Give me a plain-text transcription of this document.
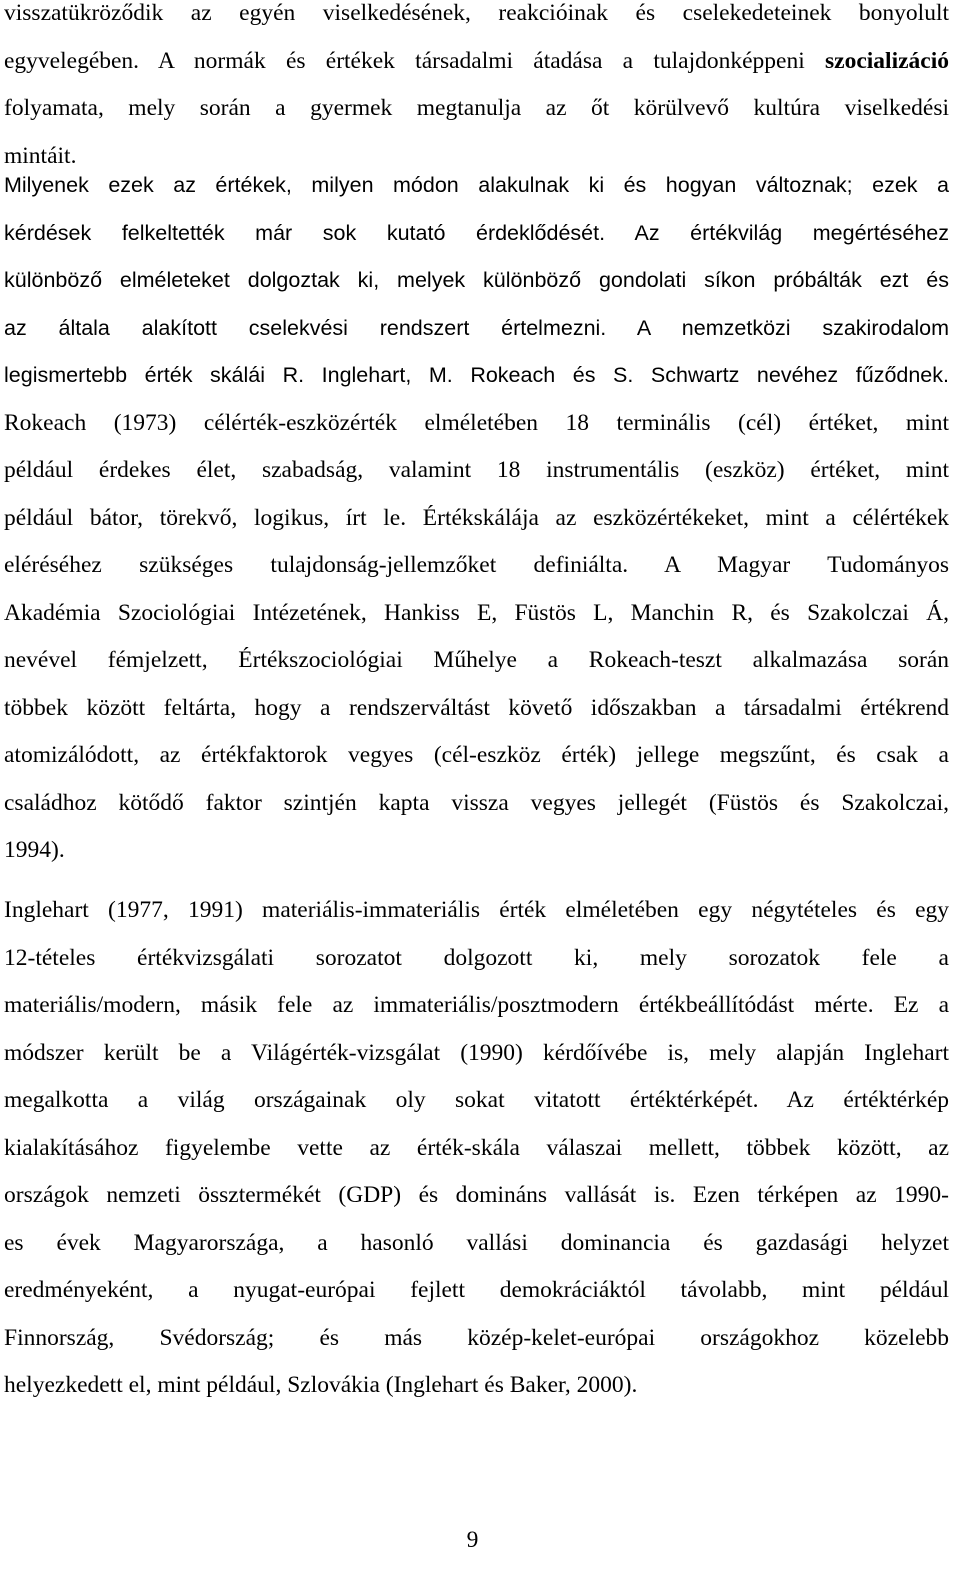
visszatükröződik az egyén viselkedésének, reakcióinak és cselekedeteinek bonyolult
egyvelegében. A normák és értékek társadalmi átadása a tulajdonképpeni szocializáció
folyamata, mely során a gyermek megtanulja az őt körülvevő kultúra viselkedési
mintáit.
Milyenek ezek az értékek, milyen módon alakulnak ki és hogyan változnak; ezek a
kérdések felkeltették már sok kutató érdeklődését. Az értékvilág megértéséhez
különböző elméleteket dolgoztak ki, melyek különböző gondolati síkon próbálták ezt és
az általa alakított cselekvési rendszert értelmezni. A nemzetközi szakirodalom
legismertebb érték skálái R. Inglehart, M. Rokeach és S. Schwartz nevéhez fűződnek.
Rokeach (1973) célérték-eszközérték elméletében 18 terminális (cél) értéket, mint
például érdekes élet, szabadság, valamint 18 instrumentális (eszköz) értéket, mint
például bátor, törekvő, logikus, írt le. Értékskálája az eszközértékeket, mint a célértékek
eléréséhez szükséges tulajdonság-jellemzőket definiálta. A Magyar Tudományos
Akadémia Szociológiai Intézetének, Hankiss E, Füstös L, Manchin R, és Szakolczai Á,
nevével fémjelzett, Értékszociológiai Műhelye a Rokeach-teszt alkalmazása során
többek között feltárta, hogy a rendszerváltást követő időszakban a társadalmi értékrend
atomizálódott, az értékfaktorok vegyes (cél-eszköz érték) jellege megszűnt, és csak a
családhoz kötődő faktor szintjén kapta vissza vegyes jellegét (Füstös és Szakolczai,
1994).
Inglehart (1977, 1991) materiális-immateriális érték elméletében egy négytételes és egy
12-tételes értékvizsgálati sorozatot dolgozott ki, mely sorozatok fele a
materiális/modern, másik fele az immateriális/posztmodern értékbeállítódást mérte. Ez a
módszer került be a Világérték-vizsgálat (1990) kérdőívébe is, mely alapján Inglehart
megalkotta a világ országainak oly sokat vitatott értéktérképét. Az értéktérkép
kialakításához figyelembe vette az érték-skála válaszai mellett, többek között, az
országok nemzeti össztermékét (GDP) és domináns vallását is. Ezen térképen az 1990-
es évek Magyarországa, a hasonló vallási dominancia és gazdasági helyzet
eredményeként, a nyugat-európai fejlett demokráciáktól távolabb, mint például
Finnország, Svédország; és más közép-kelet-európai országokhoz közelebb
helyezkedett el, mint például, Szlovákia (Inglehart és Baker, 2000).
9
